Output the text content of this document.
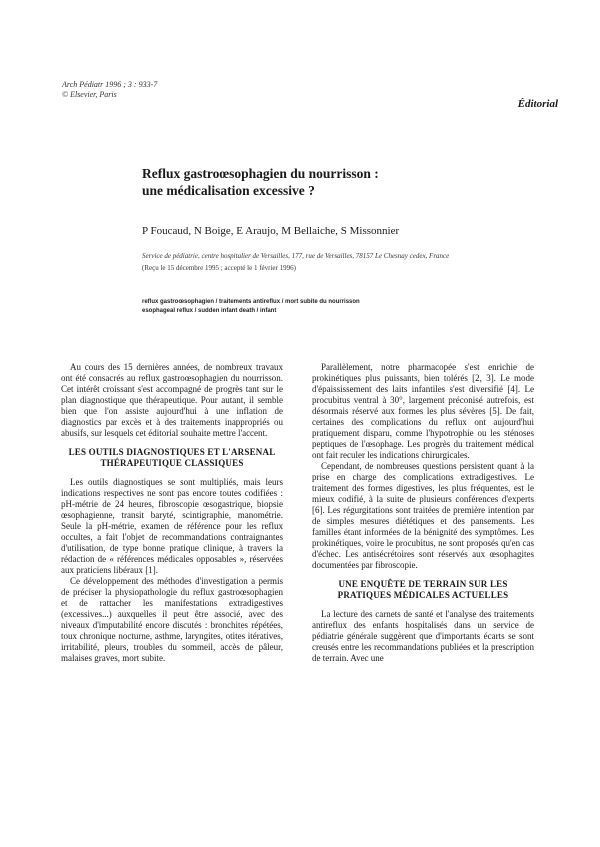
Arch Pédiatr 1996 ; 3 : 933-7
© Elsevier, Paris
Éditorial
Reflux gastroœsophagien du nourrisson :
une médicalisation excessive ?
P Foucaud, N Boige, E Araujo, M Bellaiche, S Missonnier
Service de pédiatrie, centre hospitalier de Versailles, 177, rue de Versailles, 78157 Le Chesnay cedex, France
(Reçu le 15 décembre 1995 ; accepté le 1 février 1996)
reflux gastroœsophagien / traitements antireflux / mort subite du nourrisson
esophageal reflux / sudden infant death / infant

Au cours des 15 dernières années, de nombreux travaux ont été consacrés au reflux gastroœsophagien du nourrisson. Cet intérêt croissant s'est accompagné de progrès tant sur le plan diagnostique que thérapeutique. Pour autant, il semble bien que l'on assiste aujourd'hui à une inflation de diagnostics par excès et à des traitements inappropriés ou abusifs, sur lesquels cet éditorial souhaite mettre l'accent.

LES OUTILS DIAGNOSTIQUES ET L'ARSENAL THÉRAPEUTIQUE CLASSIQUES

Les outils diagnostiques se sont multipliés, mais leurs indications respectives ne sont pas encore toutes codifiées : pH-métrie de 24 heures, fibroscopie œsogastrique, biopsie œsophagienne, transit baryté, scintigraphie, manométrie. Seule la pH-métrie, examen de référence pour les reflux occultes, a fait l'objet de recommandations contraignantes d'utilisation, de type bonne pratique clinique, à travers la rédaction de « références médicales opposables », réservées aux praticiens libéraux [1].

Ce développement des méthodes d'investigation a permis de préciser la physiopathologie du reflux gastroœsophagien et de rattacher les manifestations extradigestives (excessives...) auxquelles il peut être associé, avec des niveaux d'imputabilité encore discutés : bronchites répétées, toux chronique nocturne, asthme, laryngites, otites itératives, irritabilité, pleurs, troubles du sommeil, accès de pâleur, malaises graves, mort subite.

Parallèlement, notre pharmacopée s'est enrichie de prokinétiques plus puissants, bien tolérés [2, 3]. Le mode d'épaississement des laits infantiles s'est diversifié [4]. Le procubitus ventral à 30°, largement préconisé autrefois, est désormais réservé aux formes les plus sévères [5]. De fait, certaines des complications du reflux ont aujourd'hui pratiquement disparu, comme l'hypotrophie ou les sténoses peptiques de l'œsophage. Les progrès du traitement médical ont fait reculer les indications chirurgicales.

Cependant, de nombreuses questions persistent quant à la prise en charge des complications extradigestives. Le traitement des formes digestives, les plus fréquentes, est le mieux codifié, à la suite de plusieurs conférences d'experts [6]. Les régurgitations sont traitées de première intention par de simples mesures diététiques et des pansements. Les familles étant informées de la bénignité des symptômes. Les prokinétiques, voire le procubitus, ne sont proposés qu'en cas d'échec. Les antisécrétoires sont réservés aux œsophagites documentées par fibroscopie.

UNE ENQUÊTE DE TERRAIN SUR LES PRATIQUES MÉDICALES ACTUELLES

La lecture des carnets de santé et l'analyse des traitements antireflux des enfants hospitalisés dans un service de pédiatrie générale suggèrent que d'importants écarts se sont creusés entre les recommandations publiées et la prescription de terrain. Avec une
